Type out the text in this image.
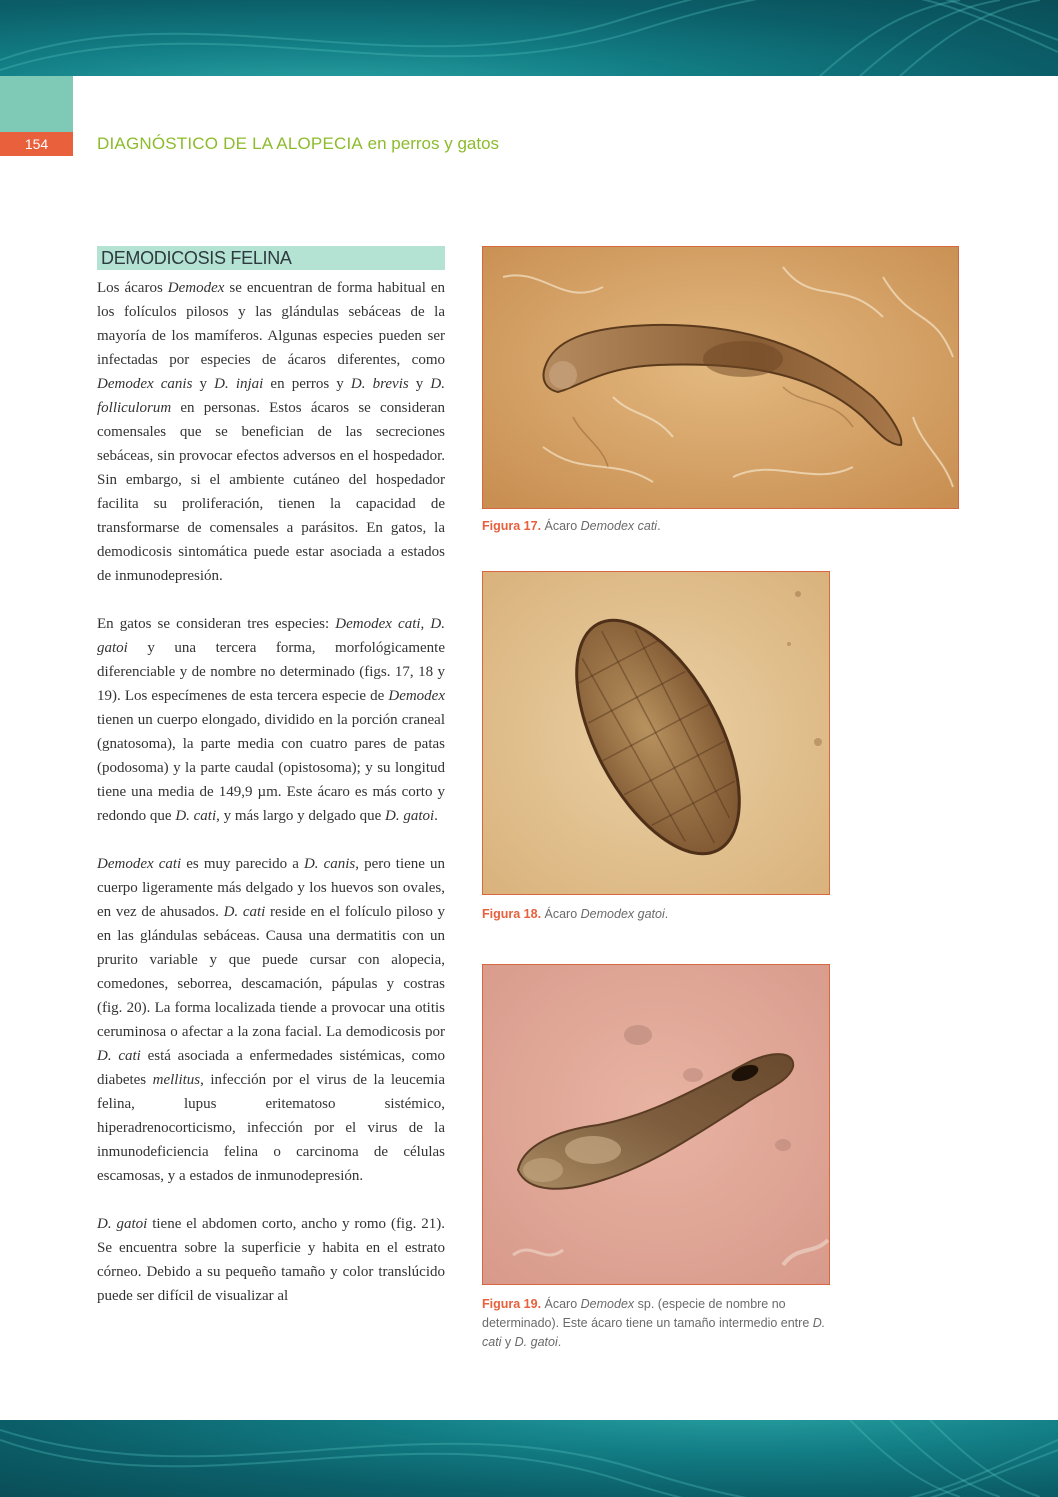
154	DIAGNÓSTICO DE LA ALOPECIA en perros y gatos
DEMODICOSIS FELINA

Los ácaros Demodex se encuentran de forma habitual en los folículos pilosos y las glándulas sebáceas de la mayoría de los mamíferos. Algunas especies pueden ser infectadas por especies de ácaros diferentes, como Demodex canis y D. injai en perros y D. brevis y D. folliculorum en personas. Estos ácaros se consideran comensales que se benefician de las secreciones sebáceas, sin provocar efectos adversos en el hospedador. Sin embargo, si el ambiente cutáneo del hospedador facilita su proliferación, tienen la capacidad de transformarse de comensales a parásitos. En gatos, la demodicosis sintomática puede estar asociada a estados de inmunodepresión.

En gatos se consideran tres especies: Demodex cati, D. gatoi y una tercera forma, morfológicamente diferenciable y de nombre no determinado (figs. 17, 18 y 19). Los especímenes de esta tercera especie de Demodex tienen un cuerpo elongado, dividido en la porción craneal (gnatosoma), la parte media con cuatro pares de patas (podosoma) y la parte caudal (opistosoma); y su longitud tiene una media de 149,9 µm. Este ácaro es más corto y redondo que D. cati, y más largo y delgado que D. gatoi.

Demodex cati es muy parecido a D. canis, pero tiene un cuerpo ligeramente más delgado y los huevos son ovales, en vez de ahusados. D. cati reside en el folículo piloso y en las glándulas sebáceas. Causa una dermatitis con un prurito variable y que puede cursar con alopecia, comedones, seborrea, descamación, pápulas y costras (fig. 20). La forma localizada tiende a provocar una otitis ceruminosa o afectar a la zona facial. La demodicosis por D. cati está asociada a enfermedades sistémicas, como diabetes mellitus, infección por el virus de la leucemia felina, lupus eritematoso sistémico, hiperadrenocorticismo, infección por el virus de la inmunodeficiencia felina o carcinoma de células escamosas, y a estados de inmunodepresión.

D. gatoi tiene el abdomen corto, ancho y romo (fig. 21). Se encuentra sobre la superficie y habita en el estrato córneo. Debido a su pequeño tamaño y color translúcido puede ser difícil de visualizar al

Figura 17. Ácaro Demodex cati.
Figura 18. Ácaro Demodex gatoi.
Figura 19. Ácaro Demodex sp. (especie de nombre no determinado). Este ácaro tiene un tamaño intermedio entre D. cati y D. gatoi.
